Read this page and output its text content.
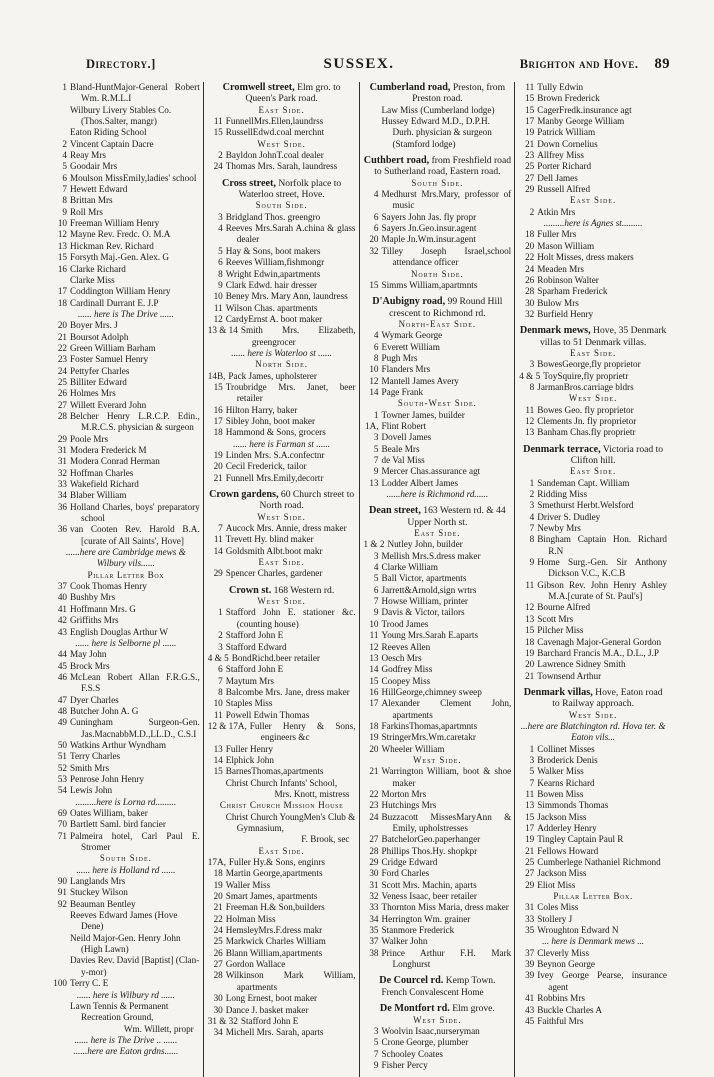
Directory.]	SUSSEX.	Brighton and Hove. 89
1 Bland-HuntMajor-General Robert Wm. R.M.L.I
Wilbury Livery Stables Co.(Thos.Salter, mangr)
Eaton Riding School
2 Vincent Captain Dacre
4 Reay Mrs
5 Goodair Mrs
6 Moulson MissEmily,ladies' school
7 Hewett Edward
8 Brittan Mrs
9 Roll Mrs
10 Freeman William Henry
12 Mayne Rev. Fredc. O. M.A
13 Hickman Rev. Richard
15 Forsyth Maj.-Gen. Alex. G
16 Clarke Richard
Clarke Miss
17 Coddington William Henry
18 Cardinall Durrant E. J.P
...... here is The Drive ......
20 Boyer Mrs. J
21 Boursot Adolph
22 Green William Barham
23 Foster Samuel Henry
24 Pettyfer Charles
25 Billiter Edward
26 Holmes Mrs
27 Willett Everard John
28 Belcher Henry L.R.C.P. Edin., M.R.C.S. physician & surgeon
29 Poole Mrs
31 Modera Frederick M
31 Modera Conrad Herman
32 Hoffman Charles
33 Wakefield Richard
34 Blaber William
36 Holland Charles, boys' preparatory school
36 van Cooten Rev. Harold B.A. [curate of All Saints', Hove]
......here are Cambridge mews & Wilbury vils......
Pillar Letter Box
37 Cook Thomas Henry
40 Bushby Mrs
41 Hoffmann Mrs. G
42 Griffiths Mrs
43 English Douglas Arthur W
...... here is Selborne pl ......
44 May John
45 Brock Mrs
46 McLean Robert Allan F.R.G.S., F.S.S
47 Dyer Charles
48 Butcher John A. G
49 Cuningham Surgeon-Gen. Jas.MacnabbM.D.,LL.D., C.S.I
50 Watkins Arthur Wyndham
51 Terry Charles
52 Smith Mrs
53 Penrose John Henry
54 Lewis John
.........here is Lorna rd.........
69 Oates William, baker
70 Bartlett Saml. bird fancier
71 Palmeira hotel, Carl Paul E. Stromer
South Side.
...... here is Holland rd ......
90 Langlands Mrs
91 Stuckey Wilson
92 Beauman Bentley
Reeves Edward James (Hove Dene)
Neild Major-Gen. Henry John (High Lawn)
Davies Rev. David [Baptist] (Clan-y-mor)
100 Terry C. E
...... here is Wilbury rd ......
Lawn Tennis & Permanent Recreation Ground,
Wm. Willett, propr
...... here is The Drive .. ......
......here are Eaton grdns......
Cromwell street, Elm gro. to Queen's Park road.
East Side.
11 FunnellMrs.Ellen,laundrss
15 RussellEdwd.coal merchnt
West Side.
2 Bayldon JohnT.coal dealer
24 Thomas Mrs. Sarah, laundress
Cross street, Norfolk place to Waterloo street, Hove.
South Side.
3 Bridgland Thos. greengro
4 Reeves Mrs.Sarah A.china & glass dealer
5 Hay & Sons, boot makers
6 Reeves William,fishmongr
8 Wright Edwin,apartments
9 Clark Edwd. hair dresser
10 Beney Mrs. Mary Ann, laundress
11 Wilson Chas. apartments
12 CardyErnst A. boot maker
13 & 14 Smith Mrs. Elizabeth, greengrocer
...... here is Waterloo st ......
North Side.
14B, Pack James, upholsterer
15 Troubridge Mrs. Janet, beer retailer
16 Hilton Harry, baker
17 Sibley John, boot maker
18 Hammond & Sons, grocers
...... here is Farman st ......
19 Linden Mrs. S.A.confectnr
20 Cecil Frederick, tailor
21 Funnell Mrs.Emily,decortr
Crown gardens, 60 Church street to North road.
West Side.
7 Aucock Mrs. Annie, dress maker
11 Trevett Hy. blind maker
14 Goldsmith Albt.boot makr
East Side.
29 Spencer Charles, gardener
Crown st. 168 Western rd.
West Side.
1 Stafford John E. stationer &c. (counting house)
2 Stafford John E
3 Stafford Edward
4 & 5 BondRichd.beer retailer
6 Stafford John E
7 Maytum Mrs
8 Balcombe Mrs. Jane, dress maker
10 Staples Miss
11 Powell Edwin Thomas
12 & 17A, Fuller Henry & Sons, engineers &c
13 Fuller Henry
14 Elphick John
15 BarnesThomas,apartments
Christ Church Infants' School,
Mrs. Knott, mistress
Christ Church Mission House
Christ Church YoungMen's Club & Gymnasium,
F. Brook, sec
East Side.
17A, Fuller Hy.& Sons, enginrs
18 Martin George,apartments
19 Waller Miss
20 Smart James, apartments
21 Freeman H.& Son,builders
22 Holman Miss
24 HemsleyMrs.F.dress makr
25 Markwick Charles William
26 Blann William,apartments
27 Gordon Wallace
28 Wilkinson Mark William, apartments
30 Long Ernest, boot maker
30 Dance J. basket maker
31 & 32 Stafford John E
34 Michell Mrs. Sarah, aparts
Cumberland road, Preston, from Preston road.
Law Miss (Cumberland lodge)
Hussey Edward M.D., D.P.H. Durh. physician & surgeon (Stamford lodge)
Cuthbert road, from Freshfield road to Sutherland road, Eastern road.
South Side.
4 Medhurst Mrs.Mary, professor of music
6 Sayers John Jas. fly propr
6 Sayers Jn.Geo.insur.agent
20 Maple Jn.Wm.insur.agent
32 Tilley Joseph Israel,school attendance officer
North Side.
15 Simms William,apartmnts
D'Aubigny road, 99 Round Hill crescent to Richmond rd.
North-East Side.
4 Wymark George
6 Everett William
8 Pugh Mrs
10 Flanders Mrs
12 Mantell James Avery
14 Page Frank
South-West Side.
1 Towner James, builder
1A, Flint Robert
3 Dovell James
5 Beale Mrs
7 de Val Miss
9 Mercer Chas.assurance agt
13 Lodder Albert James
......here is Richmond rd......
Dean street, 163 Western rd. & 44 Upper North st.
East Side.
1 & 2 Nutley John, builder
3 Mellish Mrs.S.dress maker
4 Clarke William
5 Ball Victor, apartments
6 Jarrett&Arnold,sign wrtrs
7 Howse William, printer
9 Davis & Victor, tailors
10 Trood James
11 Young Mrs.Sarah E.aparts
12 Reeves Allen
13 Oesch Mrs
14 Godfrey Miss
15 Coopey Miss
16 HillGeorge,chimney sweep
17 Alexander Clement John, apartments
18 FarkinsThomas,apartmnts
19 StringerMrs.Wm.caretakr
20 Wheeler William
West Side.
21 Warrington William, boot & shoe maker
22 Morton Mrs
23 Hutchings Mrs
24 Buzzacott MissesMaryAnn & Emily, upholstresses
27 BatchelorGeo.paperhanger
28 Phillips Thos.Hy. shopkpr
29 Cridge Edward
30 Ford Charles
31 Scott Mrs. Machin, aparts
32 Veness Isaac, beer retailer
33 Thornton Miss Maria, dress maker
34 Herrington Wm. grainer
35 Stanmore Frederick
37 Walker John
38 Prince Arthur F.H. Mark Longhurst
De Courcel rd. Kemp Town.
French Convalescent Home
De Montfort rd. Elm grove.
West Side.
3 Woolvin Isaac,nurseryman
5 Crone George, plumber
7 Schooley Coates
9 Fisher Percy
11 Tully Edwin
15 Brown Frederick
15 CagerFredk.insurance agt
17 Manby George William
19 Patrick William
21 Down Cornelius
23 Allfrey Miss
25 Porter Richard
27 Dell James
29 Russell Alfred
East Side.
2 Atkin Mrs
.........here is Agnes st.........
18 Fuller Mrs
20 Mason William
22 Holt Misses, dress makers
24 Meaden Mrs
26 Robinson Walter
28 Sparham Frederick
30 Bulow Mrs
32 Burfield Henry
Denmark mews, Hove, 35 Denmark villas to 51 Denmark villas.
East Side.
3 BowesGeorge,fly proprietor
4 & 5 ToySquire,fly proprietr
8 JarmanBros.carriage bldrs
West Side.
11 Bowes Geo. fly proprietor
12 Clements Jn. fly proprietor
13 Banham Chas.fly proprietr
Denmark terrace, Victoria road to Clifton hill.
East Side.
1 Sandeman Capt. William
2 Ridding Miss
3 Smethurst Herbt.Welsford
4 Driver S. Dudley
7 Newby Mrs
8 Bingham Captain Hon. Richard R.N
9 Home Surg.-Gen. Sir Anthony Dickson V.C., K.C.B
11 Gibson Rev. John Henry Ashley M.A.[curate of St. Paul's]
12 Bourne Alfred
13 Scott Mrs
15 Pilcher Miss
18 Cavenagh Major-General Gordon
19 Barchard Francis M.A., D.L., J.P
20 Lawrence Sidney Smith
21 Townsend Arthur
Denmark villas, Hove, Eaton road to Railway approach.
West Side.
...here are Blatchington rd. Hova ter. & Eaton vils...
1 Collinet Misses
3 Broderick Denis
5 Walker Miss
7 Kearns Richard
11 Bowen Miss
13 Simmonds Thomas
15 Jackson Miss
17 Adderley Henry
19 Tingley Captain Paul R
21 Fellows Howard
25 Cumberlege Nathaniel Richmond
27 Jackson Miss
29 Eliot Miss
Pillar Letter Box.
31 Coles Miss
33 Stollery J
35 Wroughton Edward N
... here is Denmark mews ...
37 Cleverly Miss
39 Beynon George
39 Ivey George Pearse, insurance agent
41 Robbins Mrs
43 Buckle Charles A
45 Faithful Mrs
